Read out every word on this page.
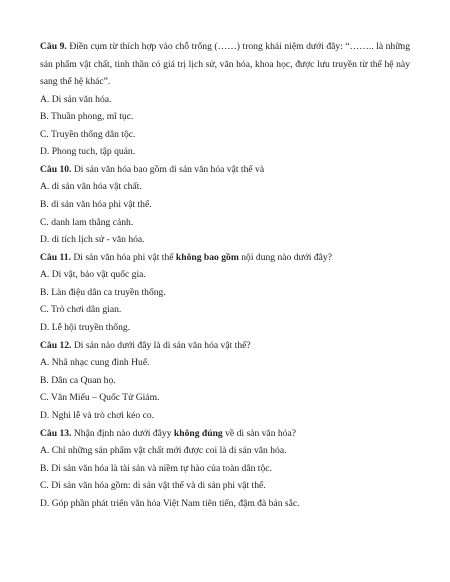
Câu 9. Điền cụm từ thích hợp vào chỗ trống (……) trong khái niệm dưới đây: “…….. là những sản phẩm vật chất, tinh thần có giá trị lịch sử, văn hóa, khoa học, được lưu truyền từ thế hệ này sang thế hệ khác”.

A. Di sản văn hóa.

B. Thuần phong, mĩ tục.

C. Truyền thống dân tộc.

D. Phong tuch, tập quán.

Câu 10. Di sản văn hóa bao gồm di sản văn hóa vật thể và

A. di sản văn hóa vật chất.

B. di sản văn hóa phi vật thể.

C. danh lam thắng cảnh.

D. di tích lịch sử - văn hóa.

Câu 11. Di sản văn hóa phi vật thể không bao gồm nội dung nào dưới đây?

A. Di vật, bảo vật quốc gia.

B. Làn điệu dân ca truyền thống.

C. Trò chơi dân gian.

D. Lễ hội truyền thống.

Câu 12. Di sản nào dưới đây là di sản văn hóa vật thể?

A. Nhã nhạc cung đình Huế.

B. Dân ca Quan họ.

C. Văn Miếu – Quốc Tử Giám.

D. Nghi lễ và trò chơi kéo co.

Câu 13. Nhận định nào dưới đâyy không đúng về di sản văn hóa?

A. Chỉ những sản phẩm vật chất mới được coi là di sản văn hóa.

B. Di sản văn hóa là tài sản và niềm tự hào của toàn dân tộc.

C. Di sản văn hóa gồm: di sản vật thể và di sản phi vật thể.

D. Góp phần phát triển văn hóa Việt Nam tiên tiến, đậm đà bản sắc.
